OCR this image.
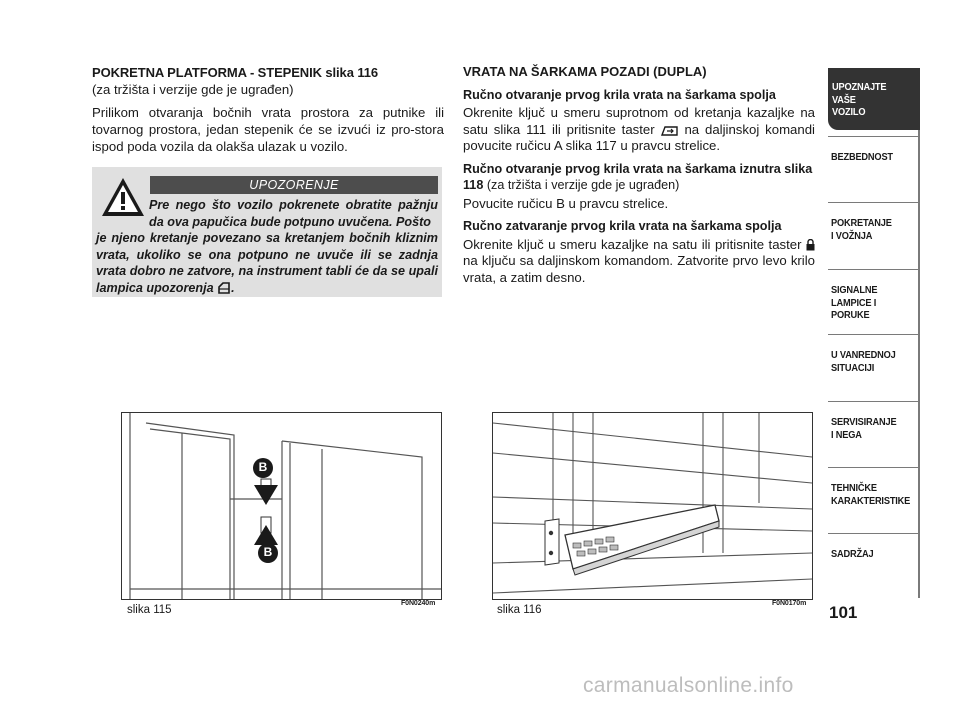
POKRETNA PLATFORMA - STEPENIK slika 116

(za tržišta i verzije gde je ugrađen)

Prilikom otvaranja bočnih vrata prostora za putnike ili tovarnog prostora, jedan stepenik će se izvući iz pro-stora ispod poda vozila da olakša ulazak u vozilo.

UPOZORENJE
Pre nego što vozilo pokrenete obratite pažnju da ova papučica bude potpuno uvučena. Pošto
je njeno kretanje povezano sa kretanjem bočnih kliznim vrata, ukoliko se ona potpuno ne uvuče ili se zadnja vrata dobro ne zatvore, na instrument tabli će da se upali lampica upozorenja .
VRATA NA ŠARKAMA POZADI (DUPLA)
Ručno otvaranje prvog krila vrata na šarkama spolja

Okrenite ključ u smeru suprotnom od kretanja kazaljke na satu slika 111 ili pritisnite taster na daljinskoj komandi povucite ručicu A slika 117 u pravcu strelice.

Ručno otvaranje prvog krila vrata na šarkama iznutra slika
118 (za tržišta i verzije gde je ugrađen)

Povucite ručicu B u pravcu strelice.

Ručno zatvaranje prvog krila vrata na šarkama spolja

Okrenite ključ u smeru kazaljke na satu ili pritisnite taster  na ključu sa daljinskom komandom. Zatvorite prvo levo krilo vrata, a zatim desno.

UPOZNAJTE
VAŠE
VOZILO
BEZBEDNOST
POKRETANJE
I VOŽNJA
SIGNALNE
LAMPICE I PORUKE
U VANREDNOJ
SITUACIJI
SERVISIRANJE
I NEGA
TEHNIČKE
KARAKTERISTIKE
SADRŽAJ
101
B
B
slika 115
F0N0240m
slika 116
F0N0170m
carmanualsonline.info
